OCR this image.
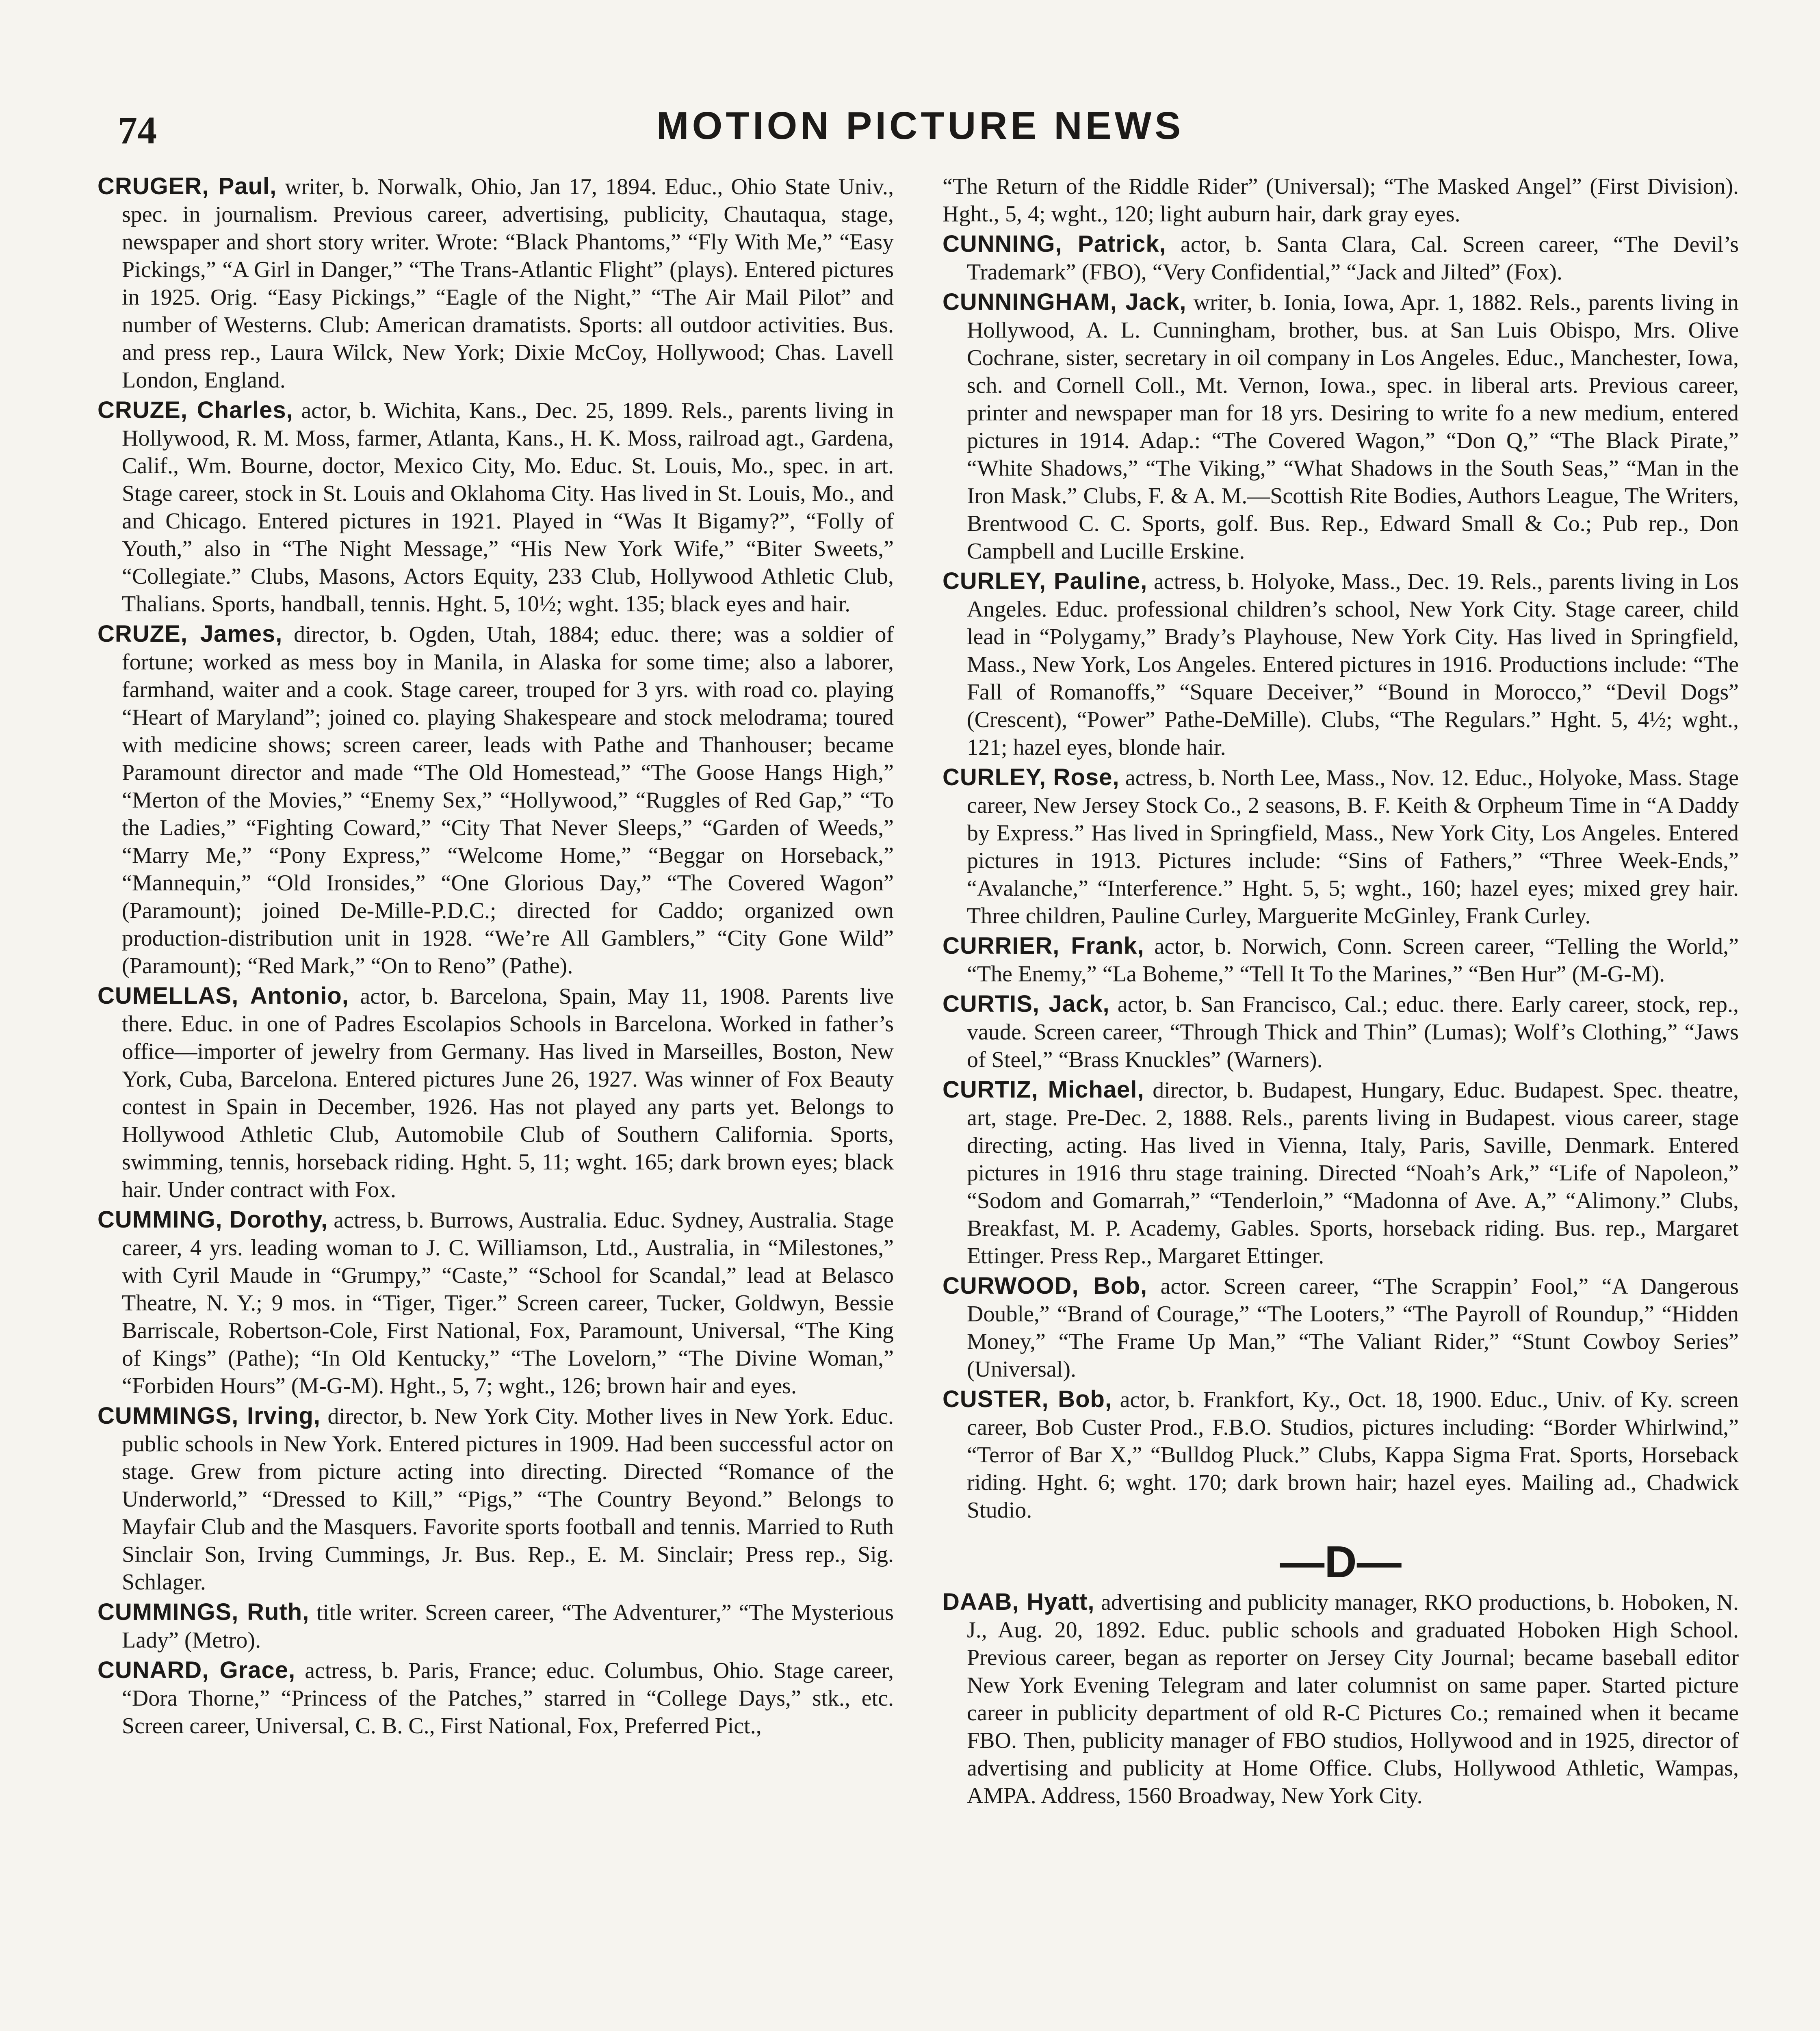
74	MOTION PICTURE NEWS

CRUGER, Paul, writer, b. Norwalk, Ohio, Jan 17, 1894. Educ., Ohio State Univ., spec. in journalism. Previous career, advertising, publicity, Chautaqua, stage, newspaper and short story writer. Wrote: “Black Phantoms,” “Fly With Me,” “Easy Pickings,” “A Girl in Danger,” “The Trans-Atlantic Flight” (plays). Entered pictures in 1925. Orig. “Easy Pickings,” “Eagle of the Night,” “The Air Mail Pilot” and number of Westerns. Club: American dramatists. Sports: all outdoor activities. Bus. and press rep., Laura Wilck, New York; Dixie McCoy, Hollywood; Chas. Lavell London, England.

CRUZE, Charles, actor, b. Wichita, Kans., Dec. 25, 1899. Rels., parents living in Hollywood, R. M. Moss, farmer, Atlanta, Kans., H. K. Moss, railroad agt., Gardena, Calif., Wm. Bourne, doctor, Mexico City, Mo. Educ. St. Louis, Mo., spec. in art. Stage career, stock in St. Louis and Oklahoma City. Has lived in St. Louis, Mo., and and Chicago. Entered pictures in 1921. Played in “Was It Bigamy?”, “Folly of Youth,” also in “The Night Message,” “His New York Wife,” “Biter Sweets,” “Collegiate.” Clubs, Masons, Actors Equity, 233 Club, Hollywood Athletic Club, Thalians. Sports, handball, tennis. Hght. 5, 10½; wght. 135; black eyes and hair.

CRUZE, James, director, b. Ogden, Utah, 1884; educ. there; was a soldier of fortune; worked as mess boy in Manila, in Alaska for some time; also a laborer, farmhand, waiter and a cook. Stage career, trouped for 3 yrs. with road co. playing “Heart of Maryland”; joined co. playing Shakespeare and stock melodrama; toured with medicine shows; screen career, leads with Pathe and Thanhouser; became Paramount director and made “The Old Homestead,” “The Goose Hangs High,” “Merton of the Movies,” “Enemy Sex,” “Hollywood,” “Ruggles of Red Gap,” “To the Ladies,” “Fighting Coward,” “City That Never Sleeps,” “Garden of Weeds,” “Marry Me,” “Pony Express,” “Welcome Home,” “Beggar on Horseback,” “Mannequin,” “Old Ironsides,” “One Glorious Day,” “The Covered Wagon” (Paramount); joined De-Mille-P.D.C.; directed for Caddo; organized own production-distribution unit in 1928. “We’re All Gamblers,” “City Gone Wild” (Paramount); “Red Mark,” “On to Reno” (Pathe).

CUMELLAS, Antonio, actor, b. Barcelona, Spain, May 11, 1908. Parents live there. Educ. in one of Padres Escolapios Schools in Barcelona. Worked in father’s office—importer of jewelry from Germany. Has lived in Marseilles, Boston, New York, Cuba, Barcelona. Entered pictures June 26, 1927. Was winner of Fox Beauty contest in Spain in December, 1926. Has not played any parts yet. Belongs to Hollywood Athletic Club, Automobile Club of Southern California. Sports, swimming, tennis, horseback riding. Hght. 5, 11; wght. 165; dark brown eyes; black hair. Under contract with Fox.

CUMMING, Dorothy, actress, b. Burrows, Australia. Educ. Sydney, Australia. Stage career, 4 yrs. leading woman to J. C. Williamson, Ltd., Australia, in “Milestones,” with Cyril Maude in “Grumpy,” “Caste,” “School for Scandal,” lead at Belasco Theatre, N. Y.; 9 mos. in “Tiger, Tiger.” Screen career, Tucker, Goldwyn, Bessie Barriscale, Robertson-Cole, First National, Fox, Paramount, Universal, “The King of Kings” (Pathe); “In Old Kentucky,” “The Lovelorn,” “The Divine Woman,” “Forbiden Hours” (M-G-M). Hght., 5, 7; wght., 126; brown hair and eyes.

CUMMINGS, Irving, director, b. New York City. Mother lives in New York. Educ. public schools in New York. Entered pictures in 1909. Had been successful actor on stage. Grew from picture acting into directing. Directed “Romance of the Underworld,” “Dressed to Kill,” “Pigs,” “The Country Beyond.” Belongs to Mayfair Club and the Masquers. Favorite sports football and tennis. Married to Ruth Sinclair Son, Irving Cummings, Jr. Bus. Rep., E. M. Sinclair; Press rep., Sig. Schlager.

CUMMINGS, Ruth, title writer. Screen career, “The Adventurer,” “The Mysterious Lady” (Metro).

CUNARD, Grace, actress, b. Paris, France; educ. Columbus, Ohio. Stage career, “Dora Thorne,” “Princess of the Patches,” starred in “College Days,” stk., etc. Screen career, Universal, C. B. C., First National, Fox, Preferred Pict.,

“The Return of the Riddle Rider” (Universal); “The Masked Angel” (First Division). Hght., 5, 4; wght., 120; light auburn hair, dark gray eyes.

CUNNING, Patrick, actor, b. Santa Clara, Cal. Screen career, “The Devil’s Trademark” (FBO), “Very Confidential,” “Jack and Jilted” (Fox).

CUNNINGHAM, Jack, writer, b. Ionia, Iowa, Apr. 1, 1882. Rels., parents living in Hollywood, A. L. Cunningham, brother, bus. at San Luis Obispo, Mrs. Olive Cochrane, sister, secretary in oil company in Los Angeles. Educ., Manchester, Iowa, sch. and Cornell Coll., Mt. Vernon, Iowa., spec. in liberal arts. Previous career, printer and newspaper man for 18 yrs. Desiring to write fo a new medium, entered pictures in 1914. Adap.: “The Covered Wagon,” “Don Q,” “The Black Pirate,” “White Shadows,” “The Viking,” “What Shadows in the South Seas,” “Man in the Iron Mask.” Clubs, F. & A. M.—Scottish Rite Bodies, Authors League, The Writers, Brentwood C. C. Sports, golf. Bus. Rep., Edward Small & Co.; Pub rep., Don Campbell and Lucille Erskine.

CURLEY, Pauline, actress, b. Holyoke, Mass., Dec. 19. Rels., parents living in Los Angeles. Educ. professional children’s school, New York City. Stage career, child lead in “Polygamy,” Brady’s Playhouse, New York City. Has lived in Springfield, Mass., New York, Los Angeles. Entered pictures in 1916. Productions include: “The Fall of Romanoffs,” “Square Deceiver,” “Bound in Morocco,” “Devil Dogs” (Crescent), “Power” Pathe-DeMille). Clubs, “The Regulars.” Hght. 5, 4½; wght., 121; hazel eyes, blonde hair.

CURLEY, Rose, actress, b. North Lee, Mass., Nov. 12. Educ., Holyoke, Mass. Stage career, New Jersey Stock Co., 2 seasons, B. F. Keith & Orpheum Time in “A Daddy by Express.” Has lived in Springfield, Mass., New York City, Los Angeles. Entered pictures in 1913. Pictures include: “Sins of Fathers,” “Three Week-Ends,” “Avalanche,” “Interference.” Hght. 5, 5; wght., 160; hazel eyes; mixed grey hair. Three children, Pauline Curley, Marguerite McGinley, Frank Curley.

CURRIER, Frank, actor, b. Norwich, Conn. Screen career, “Telling the World,” “The Enemy,” “La Boheme,” “Tell It To the Marines,” “Ben Hur” (M-G-M).

CURTIS, Jack, actor, b. San Francisco, Cal.; educ. there. Early career, stock, rep., vaude. Screen career, “Through Thick and Thin” (Lumas); Wolf’s Clothing,” “Jaws of Steel,” “Brass Knuckles” (Warners).

CURTIZ, Michael, director, b. Budapest, Hungary, Educ. Budapest. Spec. theatre, art, stage. Pre-Dec. 2, 1888. Rels., parents living in Budapest. vious career, stage directing, acting. Has lived in Vienna, Italy, Paris, Saville, Denmark. Entered pictures in 1916 thru stage training. Directed “Noah’s Ark,” “Life of Napoleon,” “Sodom and Gomarrah,” “Tenderloin,” “Madonna of Ave. A,” “Alimony.” Clubs, Breakfast, M. P. Academy, Gables. Sports, horseback riding. Bus. rep., Margaret Ettinger. Press Rep., Margaret Ettinger.

CURWOOD, Bob, actor. Screen career, “The Scrappin’ Fool,” “A Dangerous Double,” “Brand of Courage,” “The Looters,” “The Payroll of Roundup,” “Hidden Money,” “The Frame Up Man,” “The Valiant Rider,” “Stunt Cowboy Series” (Universal).

CUSTER, Bob, actor, b. Frankfort, Ky., Oct. 18, 1900. Educ., Univ. of Ky. screen career, Bob Custer Prod., F.B.O. Studios, pictures including: “Border Whirlwind,” “Terror of Bar X,” “Bulldog Pluck.” Clubs, Kappa Sigma Frat. Sports, Horseback riding. Hght. 6; wght. 170; dark brown hair; hazel eyes. Mailing ad., Chadwick Studio.

—D—

DAAB, Hyatt, advertising and publicity manager, RKO productions, b. Hoboken, N. J., Aug. 20, 1892. Educ. public schools and graduated Hoboken High School. Previous career, began as reporter on Jersey City Journal; became baseball editor New York Evening Telegram and later columnist on same paper. Started picture career in publicity department of old R-C Pictures Co.; remained when it became FBO. Then, publicity manager of FBO studios, Hollywood and in 1925, director of advertising and publicity at Home Office. Clubs, Hollywood Athletic, Wampas, AMPA. Address, 1560 Broadway, New York City.
